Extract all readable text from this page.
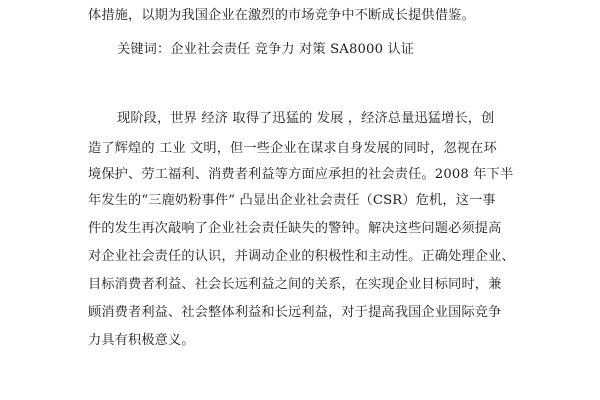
体措施，以期为我国企业在激烈的市场竞争中不断成长提供借鉴。
关键词：企业社会责任 竞争力 对策 SA8000 认证
现阶段，世界 经济 取得了迅猛的 发展 ，经济总量迅猛增长，创
造了辉煌的 工业 文明，但一些企业在谋求自身发展的同时，忽视在环
境保护、劳工福利、消费者利益等方面应承担的社会责任。2008 年下半
年发生的“三鹿奶粉事件” 凸显出企业社会责任（CSR）危机，这一事
件的发生再次敲响了企业社会责任缺失的警钟。解决这些问题必须提高
对企业社会责任的认识，并调动企业的积极性和主动性。正确处理企业、
目标消费者利益、社会长远利益之间的关系，在实现企业目标同时，兼
顾消费者利益、社会整体利益和长远利益，对于提高我国企业国际竞争
力具有积极意义。
